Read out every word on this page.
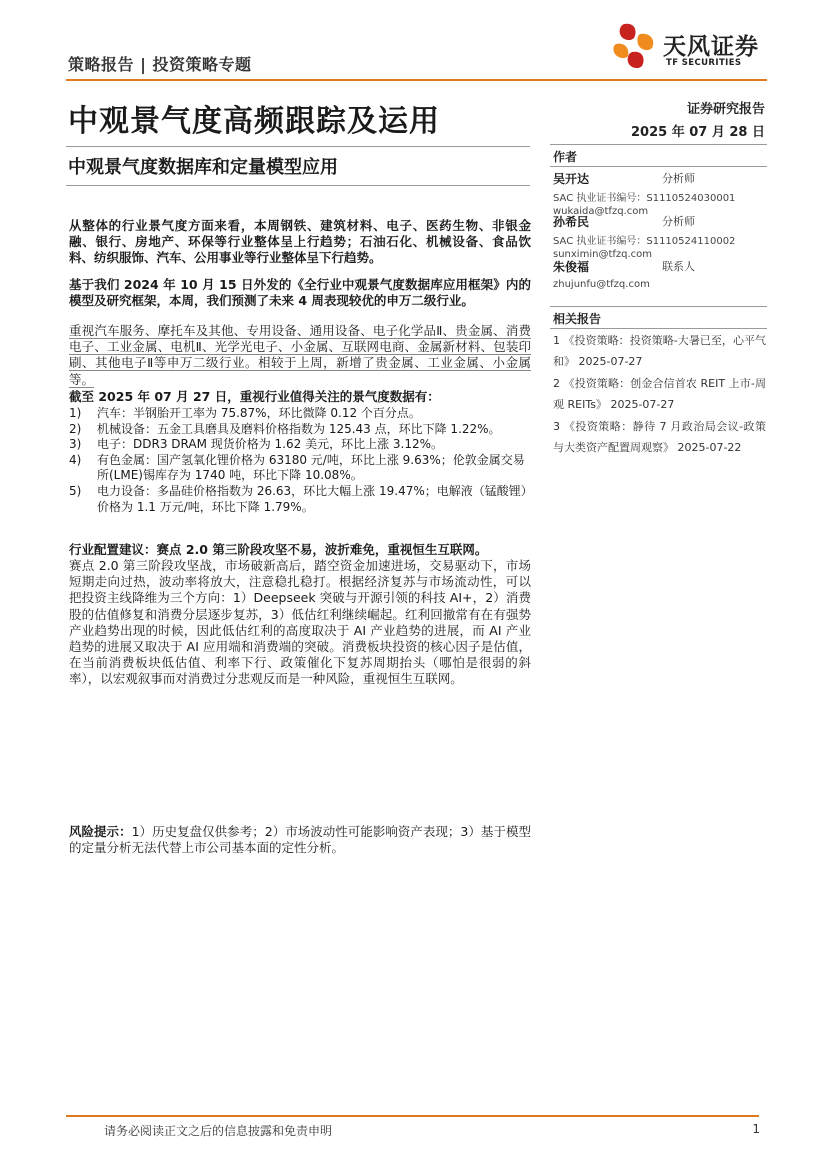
策略报告 | 投资策略专题
天风证券
TF SECURITIES
中观景气度高频跟踪及运用
中观景气度数据库和定量模型应用
证券研究报告
2025 年 07 月 28 日
作者
吴开达	分析师
SAC 执业证书编号：S1110524030001
wukaida@tfzq.com
孙希民	分析师
SAC 执业证书编号：S1110524110002
sunximin@tfzq.com
朱俊福	联系人
zhujunfu@tfzq.com
相关报告
1 《投资策略：投资策略-大暑已至，心平气和》 2025-07-27
2 《投资策略：创金合信首农 REIT 上市-周观 REITs》 2025-07-27
3 《投资策略：静待 7 月政治局会议-政策与大类资产配置周观察》 2025-07-22
从整体的行业景气度方面来看，本周钢铁、建筑材料、电子、医药生物、非银金融、银行、房地产、环保等行业整体呈上行趋势；石油石化、机械设备、食品饮料、纺织服饰、汽车、公用事业等行业整体呈下行趋势。
基于我们 2024 年 10 月 15 日外发的《全行业中观景气度数据库应用框架》内的模型及研究框架，本周，我们预测了未来 4 周表现较优的申万二级行业。
重视汽车服务、摩托车及其他、专用设备、通用设备、电子化学品Ⅱ、贵金属、消费电子、工业金属、电机Ⅱ、光学光电子、小金属、互联网电商、金属新材料、包装印刷、其他电子Ⅱ等申万二级行业。相较于上周，新增了贵金属、工业金属、小金属等。
截至 2025 年 07 月 27 日，重视行业值得关注的景气度数据有：
1)	汽车：半钢胎开工率为 75.87%，环比微降 0.12 个百分点。
2)	机械设备：五金工具磨具及磨料价格指数为 125.43 点，环比下降 1.22%。
3)	电子：DDR3 DRAM 现货价格为 1.62 美元，环比上涨 3.12%。
4)	有色金属：国产氢氧化锂价格为 63180 元/吨，环比上涨 9.63%；伦敦金属交易所(LME)锡库存为 1740 吨，环比下降 10.08%。
5)	电力设备：多晶硅价格指数为 26.63，环比大幅上涨 19.47%；电解液（锰酸锂）价格为 1.1 万元/吨，环比下降 1.79%。
行业配置建议：赛点 2.0 第三阶段攻坚不易，波折难免，重视恒生互联网。
赛点 2.0 第三阶段攻坚战，市场破新高后，踏空资金加速进场，交易驱动下，市场短期走向过热，波动率将放大，注意稳扎稳打。根据经济复苏与市场流动性，可以把投资主线降维为三个方向：1）Deepseek 突破与开源引领的科技 AI+，2）消费股的估值修复和消费分层逐步复苏，3）低估红利继续崛起。红利回撤常有在有强势产业趋势出现的时候，因此低估红利的高度取决于 AI 产业趋势的进展，而 AI 产业趋势的进展又取决于 AI 应用端和消费端的突破。消费板块投资的核心因子是估值，在当前消费板块低估值、利率下行、政策催化下复苏周期抬头（哪怕是很弱的斜率），以宏观叙事而对消费过分悲观反而是一种风险，重视恒生互联网。
风险提示：1）历史复盘仅供参考；2）市场波动性可能影响资产表现；3）基于模型的定量分析无法代替上市公司基本面的定性分析。
请务必阅读正文之后的信息披露和免责申明	1
